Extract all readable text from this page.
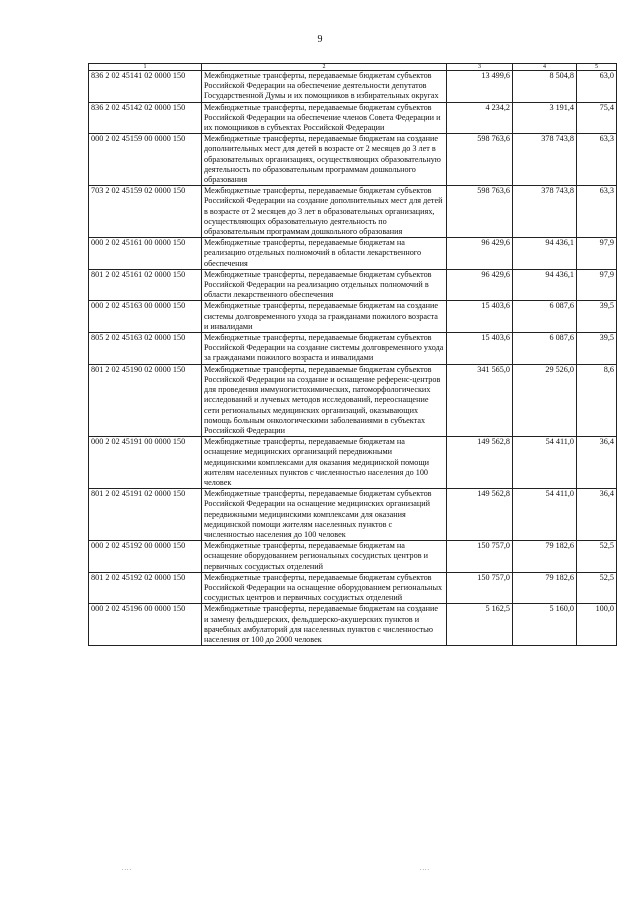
9
1	2	3	4	5
836 2 02 45141 02 0000 150	Межбюджетные трансферты, передаваемые бюджетам субъектов Российской Федерации на обеспечение деятельности депутатов Государственной Думы и их помощников в избирательных округах	13 499,6	8 504,8	63,0
836 2 02 45142 02 0000 150	Межбюджетные трансферты, передаваемые бюджетам субъектов Российской Федерации на обеспечение членов Совета Федерации и их помощников в субъектах Российской Федерации	4 234,2	3 191,4	75,4
000 2 02 45159 00 0000 150	Межбюджетные трансферты, передаваемые бюджетам на создание дополнительных мест для детей в возрасте от 2 месяцев до 3 лет в образовательных организациях, осуществляющих образовательную деятельность по образовательным программам дошкольного образования	598 763,6	378 743,8	63,3
703 2 02 45159 02 0000 150	Межбюджетные трансферты, передаваемые бюджетам субъектов Российской Федерации на создание дополнительных мест для детей в возрасте от 2 месяцев до 3 лет в образовательных организациях, осуществляющих образовательную деятельность по образовательным программам дошкольного образования	598 763,6	378 743,8	63,3
000 2 02 45161 00 0000 150	Межбюджетные трансферты, передаваемые бюджетам на реализацию отдельных полномочий в области лекарственного обеспечения	96 429,6	94 436,1	97,9
801 2 02 45161 02 0000 150	Межбюджетные трансферты, передаваемые бюджетам субъектов Российской Федерации на реализацию отдельных полномочий в области лекарственного обеспечения	96 429,6	94 436,1	97,9
000 2 02 45163 00 0000 150	Межбюджетные трансферты, передаваемые бюджетам на создание системы долговременного ухода за гражданами пожилого возраста и инвалидами	15 403,6	6 087,6	39,5
805 2 02 45163 02 0000 150	Межбюджетные трансферты, передаваемые бюджетам субъектов Российской Федерации на создание системы долговременного ухода за гражданами пожилого возраста и инвалидами	15 403,6	6 087,6	39,5
801 2 02 45190 02 0000 150	Межбюджетные трансферты, передаваемые бюджетам субъектов Российской Федерации на создание и оснащение референс-центров для проведения иммуногистохимических, патоморфологических исследований и лучевых методов исследований, переоснащение сети региональных медицинских организаций, оказывающих помощь больным онкологическими заболеваниями в субъектах Российской Федерации	341 565,0	29 526,0	8,6
000 2 02 45191 00 0000 150	Межбюджетные трансферты, передаваемые бюджетам на оснащение медицинских организаций передвижными медицинскими комплексами для оказания медицинской помощи жителям населенных пунктов с численностью населения до 100 человек	149 562,8	54 411,0	36,4
801 2 02 45191 02 0000 150	Межбюджетные трансферты, передаваемые бюджетам субъектов Российской Федерации на оснащение медицинских организаций передвижными медицинскими комплексами для оказания медицинской помощи жителям населенных пунктов с численностью населения до 100 человек	149 562,8	54 411,0	36,4
000 2 02 45192 00 0000 150	Межбюджетные трансферты, передаваемые бюджетам на оснащение оборудованием региональных сосудистых центров и первичных сосудистых отделений	150 757,0	79 182,6	52,5
801 2 02 45192 02 0000 150	Межбюджетные трансферты, передаваемые бюджетам субъектов Российской Федерации на оснащение оборудованием региональных сосудистых центров и первичных сосудистых отделений	150 757,0	79 182,6	52,5
000 2 02 45196 00 0000 150	Межбюджетные трансферты, передаваемые бюджетам на создание и замену фельдшерских, фельдшерско-акушерских пунктов и врачебных амбулаторий для населенных пунктов с численностью населения от 100 до 2000 человек	5 162,5	5 160,0	100,0
....	....
